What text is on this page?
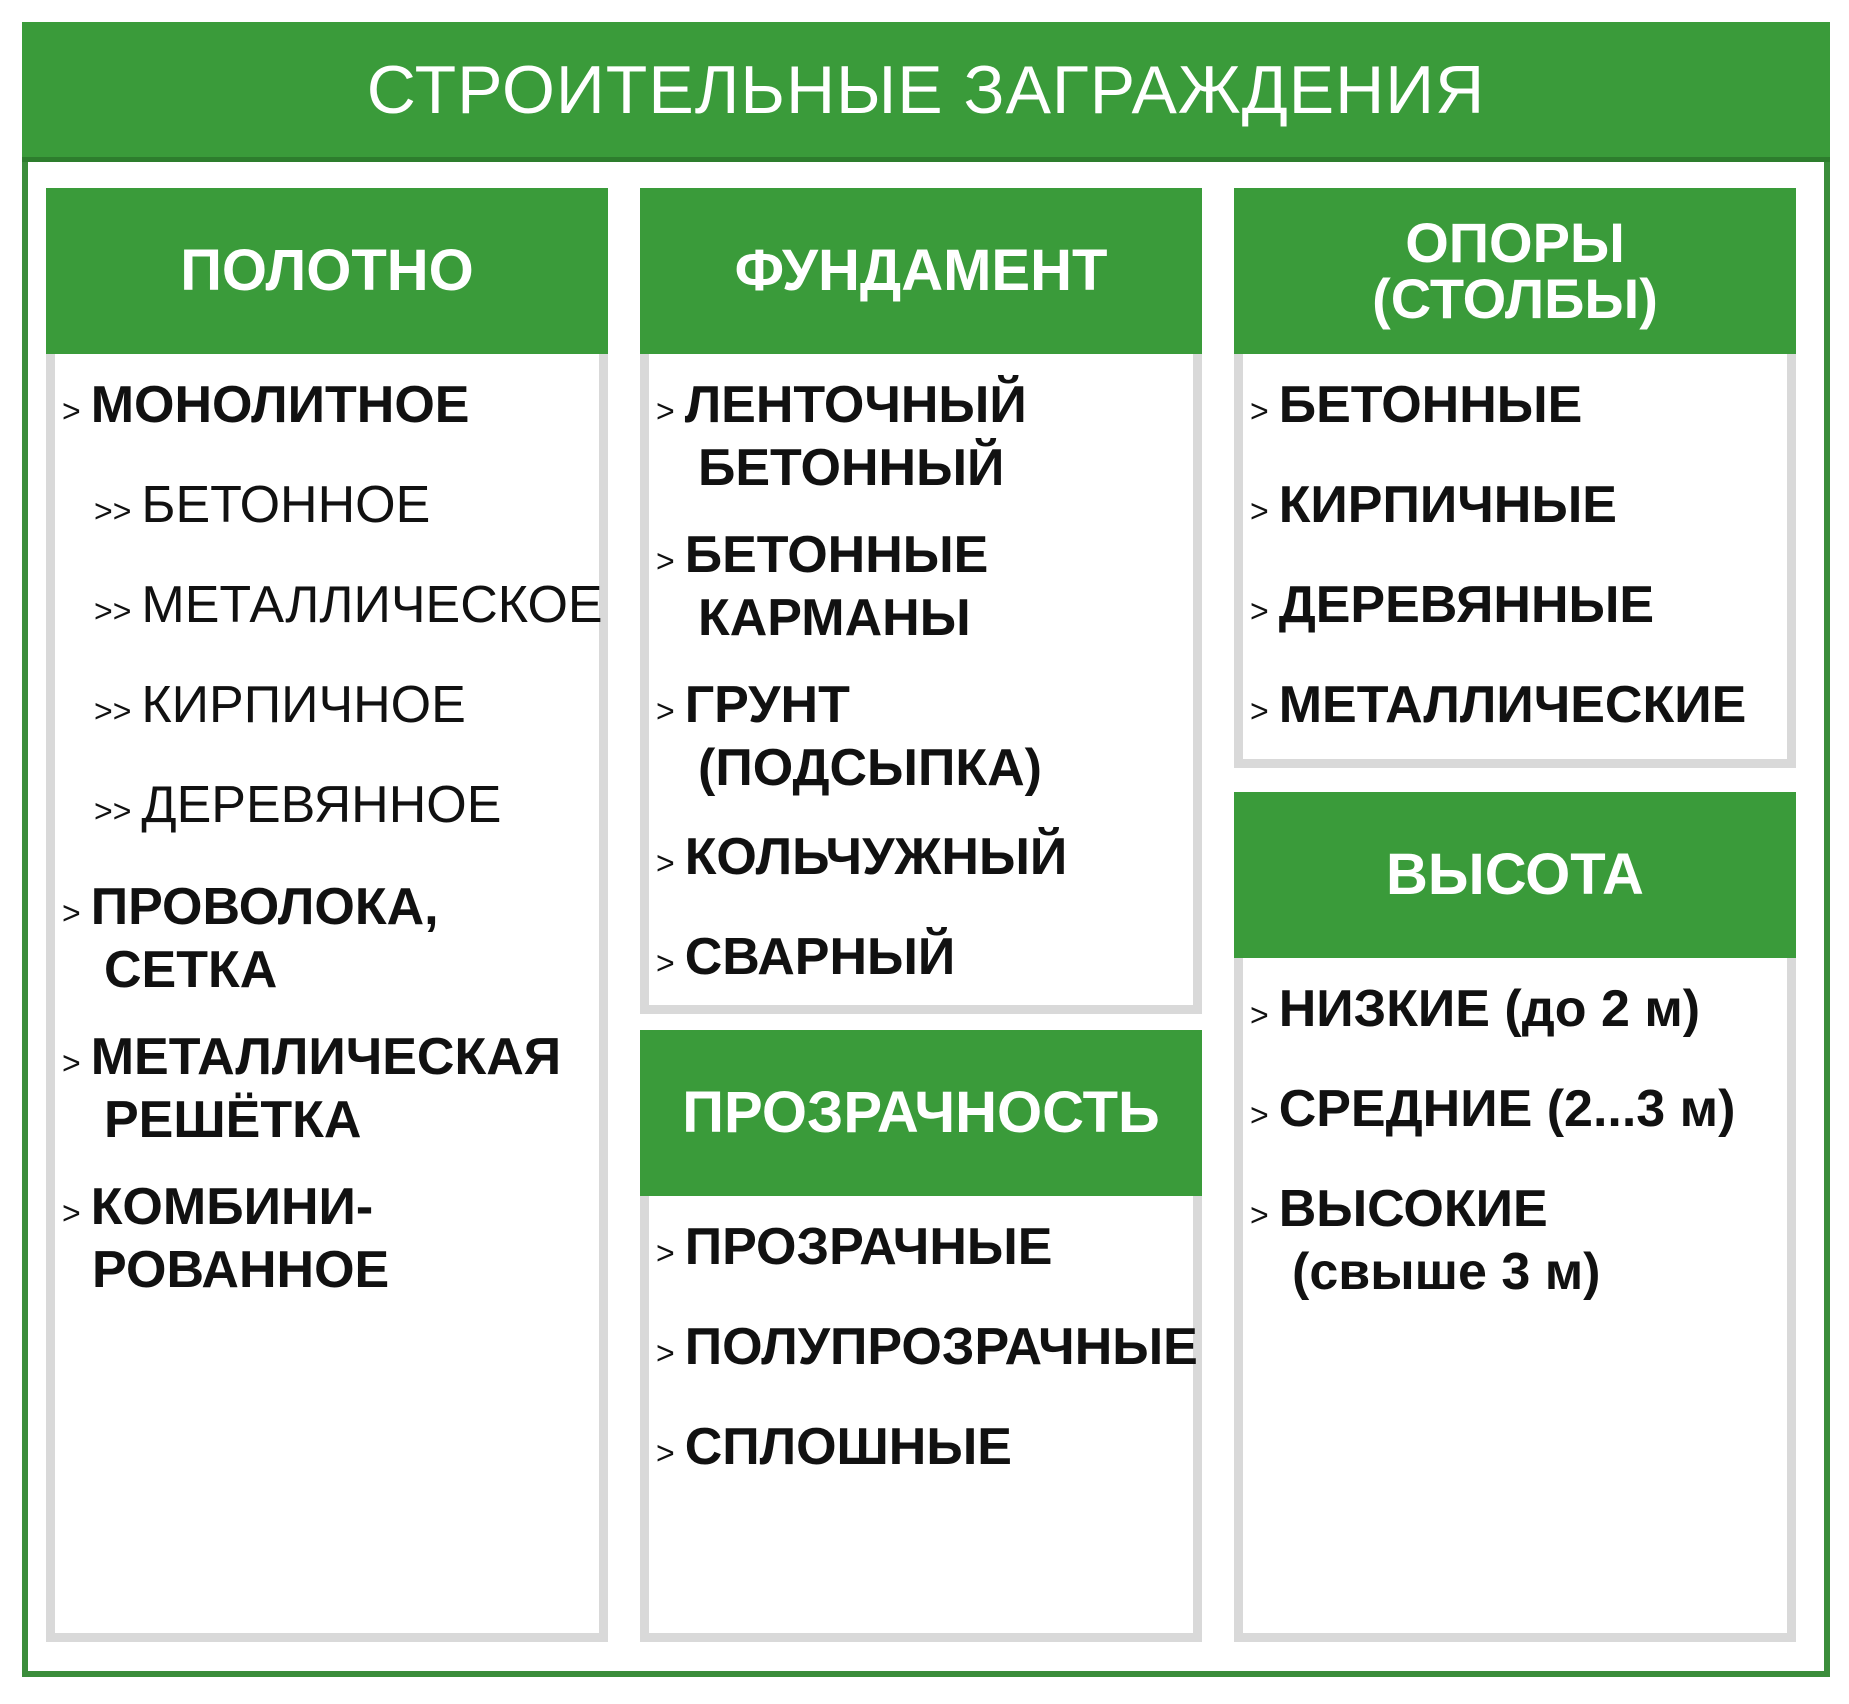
СТРОИТЕЛЬНЫЕ ЗАГРАЖДЕНИЯ
ПОЛОТНО
> МОНОЛИТНОЕ
>> БЕТОННОЕ
>> МЕТАЛЛИЧЕСКОЕ
>> КИРПИЧНОЕ
>> ДЕРЕВЯННОЕ
> ПРОВОЛОКА,
СЕТКА
> МЕТАЛЛИЧЕСКАЯ
РЕШЁТКА
> КОМБИНИ-
РОВАННОЕ
ФУНДАМЕНТ
> ЛЕНТОЧНЫЙ
БЕТОННЫЙ
> БЕТОННЫЕ
КАРМАНЫ
> ГРУНТ
(ПОДСЫПКА)
> КОЛЬЧУЖНЫЙ
> СВАРНЫЙ
ПРОЗРАЧНОСТЬ
> ПРОЗРАЧНЫЕ
> ПОЛУПРОЗРАЧНЫЕ
> СПЛОШНЫЕ
ОПОРЫ
(СТОЛБЫ)
> БЕТОННЫЕ
> КИРПИЧНЫЕ
> ДЕРЕВЯННЫЕ
> МЕТАЛЛИЧЕСКИЕ
ВЫСОТА
> НИЗКИЕ (до 2 м)
> СРЕДНИЕ (2...3 м)
> ВЫСОКИЕ
(свыше 3 м)
